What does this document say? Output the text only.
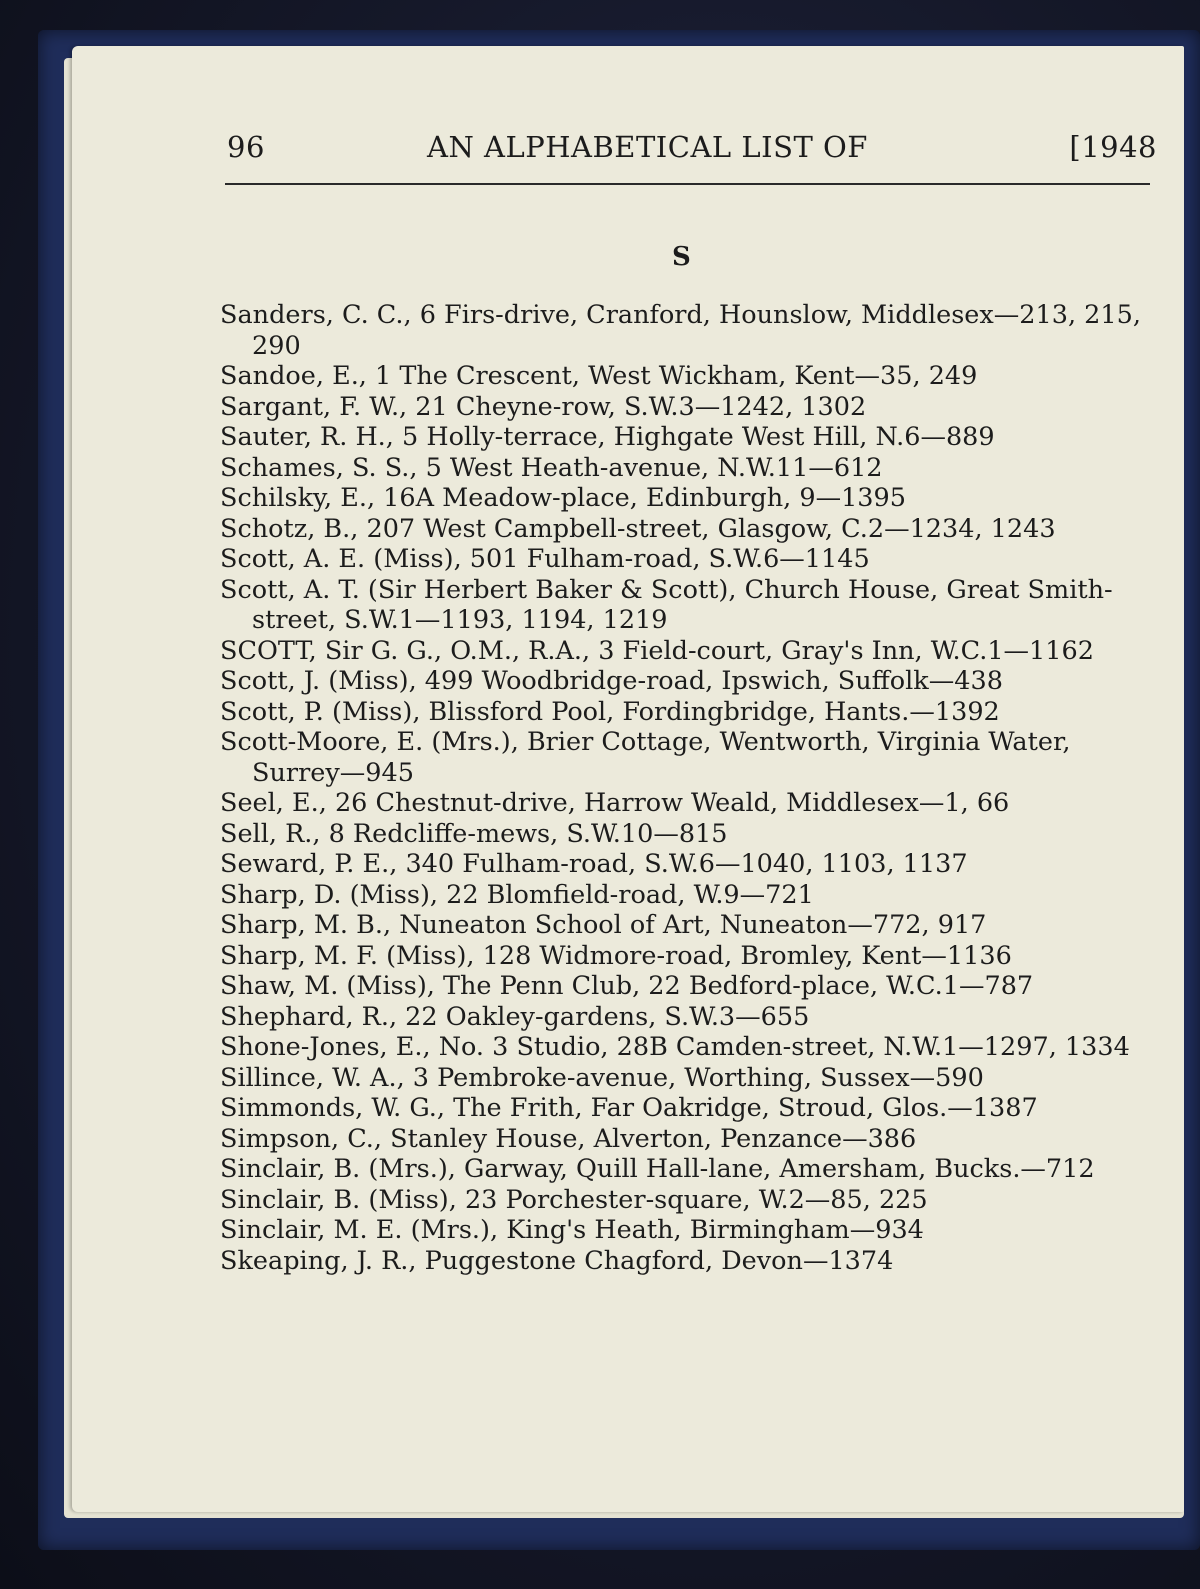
96	AN ALPHABETICAL LIST OF	[1948
S
Sanders, C. C., 6 Firs-drive, Cranford, Hounslow, Middlesex—213, 215, 290
Sandoe, E., 1 The Crescent, West Wickham, Kent—35, 249
Sargant, F. W., 21 Cheyne-row, S.W.3—1242, 1302
Sauter, R. H., 5 Holly-terrace, Highgate West Hill, N.6—889
Schames, S. S., 5 West Heath-avenue, N.W.11—612
Schilsky, E., 16A Meadow-place, Edinburgh, 9—1395
Schotz, B., 207 West Campbell-street, Glasgow, C.2—1234, 1243
Scott, A. E. (Miss), 501 Fulham-road, S.W.6—1145
Scott, A. T. (Sir Herbert Baker & Scott), Church House, Great Smith-street, S.W.1—1193, 1194, 1219
SCOTT, Sir G. G., O.M., R.A., 3 Field-court, Gray's Inn, W.C.1—1162
Scott, J. (Miss), 499 Woodbridge-road, Ipswich, Suffolk—438
Scott, P. (Miss), Blissford Pool, Fordingbridge, Hants.—1392
Scott-Moore, E. (Mrs.), Brier Cottage, Wentworth, Virginia Water, Surrey—945
Seel, E., 26 Chestnut-drive, Harrow Weald, Middlesex—1, 66
Sell, R., 8 Redcliffe-mews, S.W.10—815
Seward, P. E., 340 Fulham-road, S.W.6—1040, 1103, 1137
Sharp, D. (Miss), 22 Blomfield-road, W.9—721
Sharp, M. B., Nuneaton School of Art, Nuneaton—772, 917
Sharp, M. F. (Miss), 128 Widmore-road, Bromley, Kent—1136
Shaw, M. (Miss), The Penn Club, 22 Bedford-place, W.C.1—787
Shephard, R., 22 Oakley-gardens, S.W.3—655
Shone-Jones, E., No. 3 Studio, 28B Camden-street, N.W.1—1297, 1334
Sillince, W. A., 3 Pembroke-avenue, Worthing, Sussex—590
Simmonds, W. G., The Frith, Far Oakridge, Stroud, Glos.—1387
Simpson, C., Stanley House, Alverton, Penzance—386
Sinclair, B. (Mrs.), Garway, Quill Hall-lane, Amersham, Bucks.—712
Sinclair, B. (Miss), 23 Porchester-square, W.2—85, 225
Sinclair, M. E. (Mrs.), King's Heath, Birmingham—934
Skeaping, J. R., Puggestone Chagford, Devon—1374
